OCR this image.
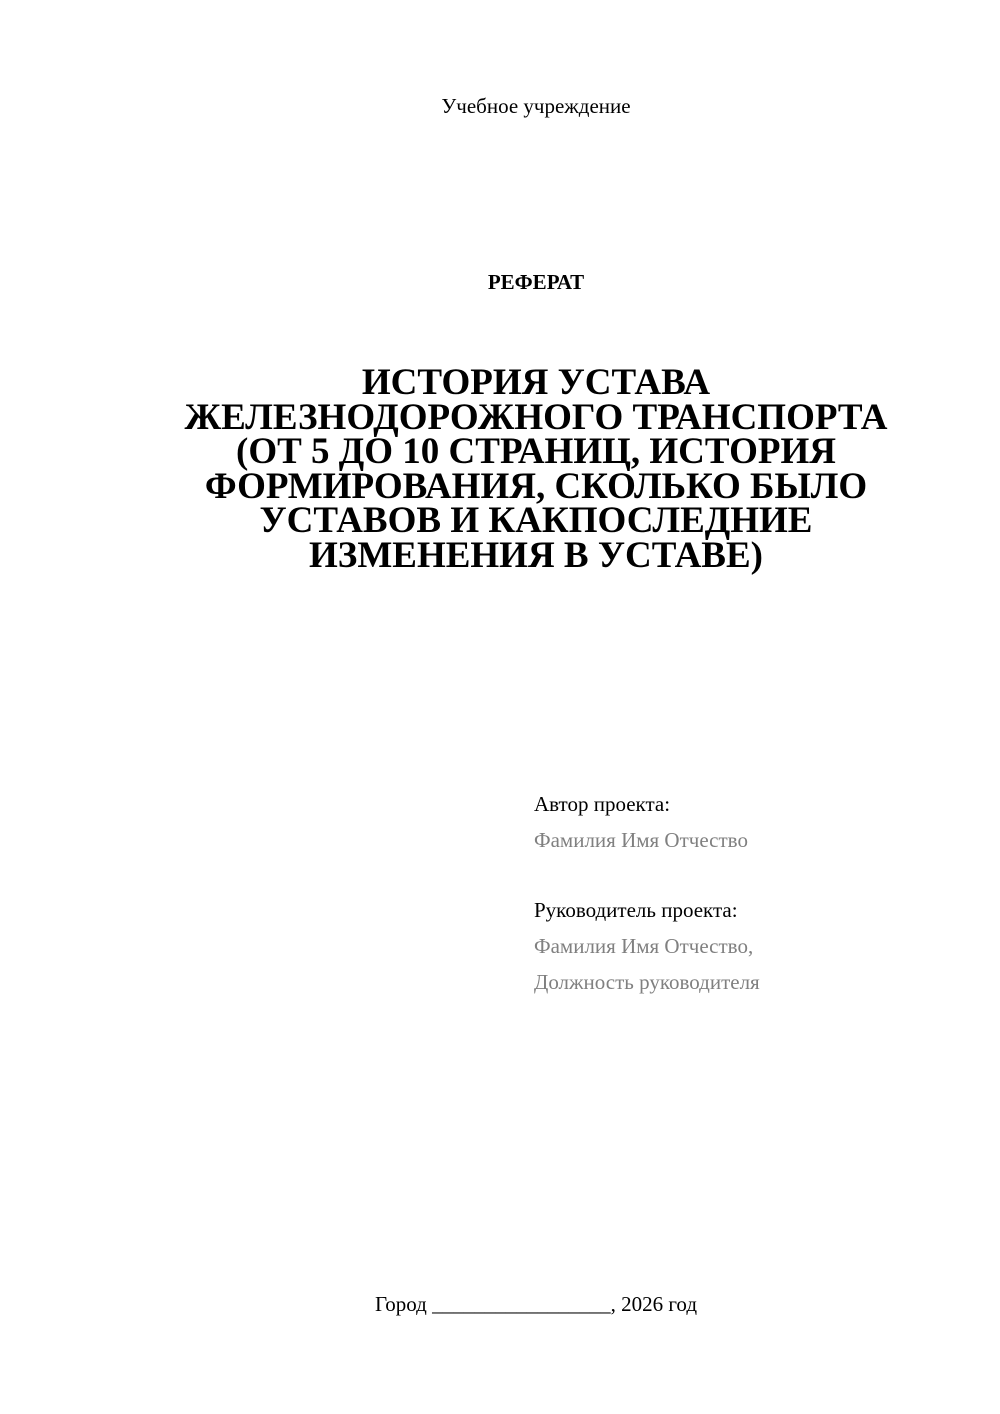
Учебное учреждение
РЕФЕРАТ
ИСТОРИЯ УСТАВА
ЖЕЛЕЗНОДОРОЖНОГО ТРАНСПОРТА
(ОТ 5 ДО 10 СТРАНИЦ, ИСТОРИЯ
ФОРМИРОВАНИЯ, СКОЛЬКО БЫЛО
УСТАВОВ И КАКПОСЛЕДНИЕ
ИЗМЕНЕНИЯ В УСТАВЕ)
Автор проекта:
Фамилия Имя Отчество
Руководитель проекта:
Фамилия Имя Отчество,
Должность руководителя
Город _________________, 2026 год
